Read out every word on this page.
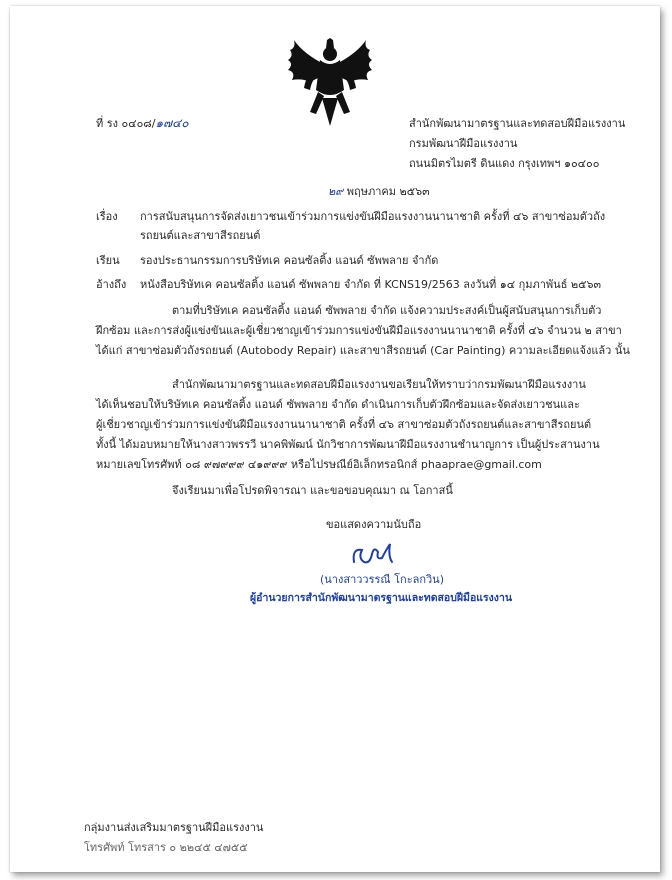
ที่ รง ๐๔๐๘/๑๗๔๐	สำนักพัฒนามาตรฐานและทดสอบฝีมือแรงงาน
กรมพัฒนาฝีมือแรงงาน
ถนนมิตรไมตรี ดินแดง กรุงเทพฯ ๑๐๔๐๐
๒๙ พฤษภาคม ๒๕๖๓
เรื่อง การสนับสนุนการจัดส่งเยาวชนเข้าร่วมการแข่งขันฝีมือแรงงานนานาชาติ ครั้งที่ ๔๖ สาขาซ่อมตัวถัง
รถยนต์และสาขาสีรถยนต์
เรียน รองประธานกรรมการบริษัทเค คอนซัลติ้ง แอนด์ ซัพพลาย จำกัด
อ้างถึง หนังสือบริษัทเค คอนซัลติ้ง แอนด์ ซัพพลาย จำกัด ที่ KCNS19/2563 ลงวันที่ ๑๔ กุมภาพันธ์ ๒๕๖๓
ตามที่บริษัทเค คอนซัลติ้ง แอนด์ ซัพพลาย จำกัด แจ้งความประสงค์เป็นผู้สนับสนุนการเก็บตัว
ฝึกซ้อม และการส่งผู้แข่งขันและผู้เชี่ยวชาญเข้าร่วมการแข่งขันฝีมือแรงงานนานาชาติ ครั้งที่ ๔๖ จำนวน ๒ สาขา
ได้แก่ สาขาซ่อมตัวถังรถยนต์ (Autobody Repair) และสาขาสีรถยนต์ (Car Painting) ความละเอียดแจ้งแล้ว นั้น
สำนักพัฒนามาตรฐานและทดสอบฝีมือแรงงานขอเรียนให้ทราบว่ากรมพัฒนาฝีมือแรงงาน
ได้เห็นชอบให้บริษัทเค คอนซัลติ้ง แอนด์ ซัพพลาย จำกัด ดำเนินการเก็บตัวฝึกซ้อมและจัดส่งเยาวชนและ
ผู้เชี่ยวชาญเข้าร่วมการแข่งขันฝีมือแรงงานนานาชาติ ครั้งที่ ๔๖ สาขาซ่อมตัวถังรถยนต์และสาขาสีรถยนต์
ทั้งนี้ ได้มอบหมายให้นางสาวพรรวี นาคพิพัฒน์ นักวิชาการพัฒนาฝีมือแรงงานชำนาญการ เป็นผู้ประสานงาน
หมายเลขโทรศัพท์ ๐๘ ๙๗๙๙๙ ๔๑๙๙๙ หรือไปรษณีย์อิเล็กทรอนิกส์ phaaprae@gmail.com
จึงเรียนมาเพื่อโปรดพิจารณา และขอขอบคุณมา ณ โอกาสนี้
ขอแสดงความนับถือ
(นางสาววรรณี โกะลกวิน)
ผู้อำนวยการสำนักพัฒนามาตรฐานและทดสอบฝีมือแรงงาน
กลุ่มงานส่งเสริมมาตรฐานฝีมือแรงงาน
โทรศัพท์ โทรสาร ๐ ๒๒๔๕ ๔๗๕๕
